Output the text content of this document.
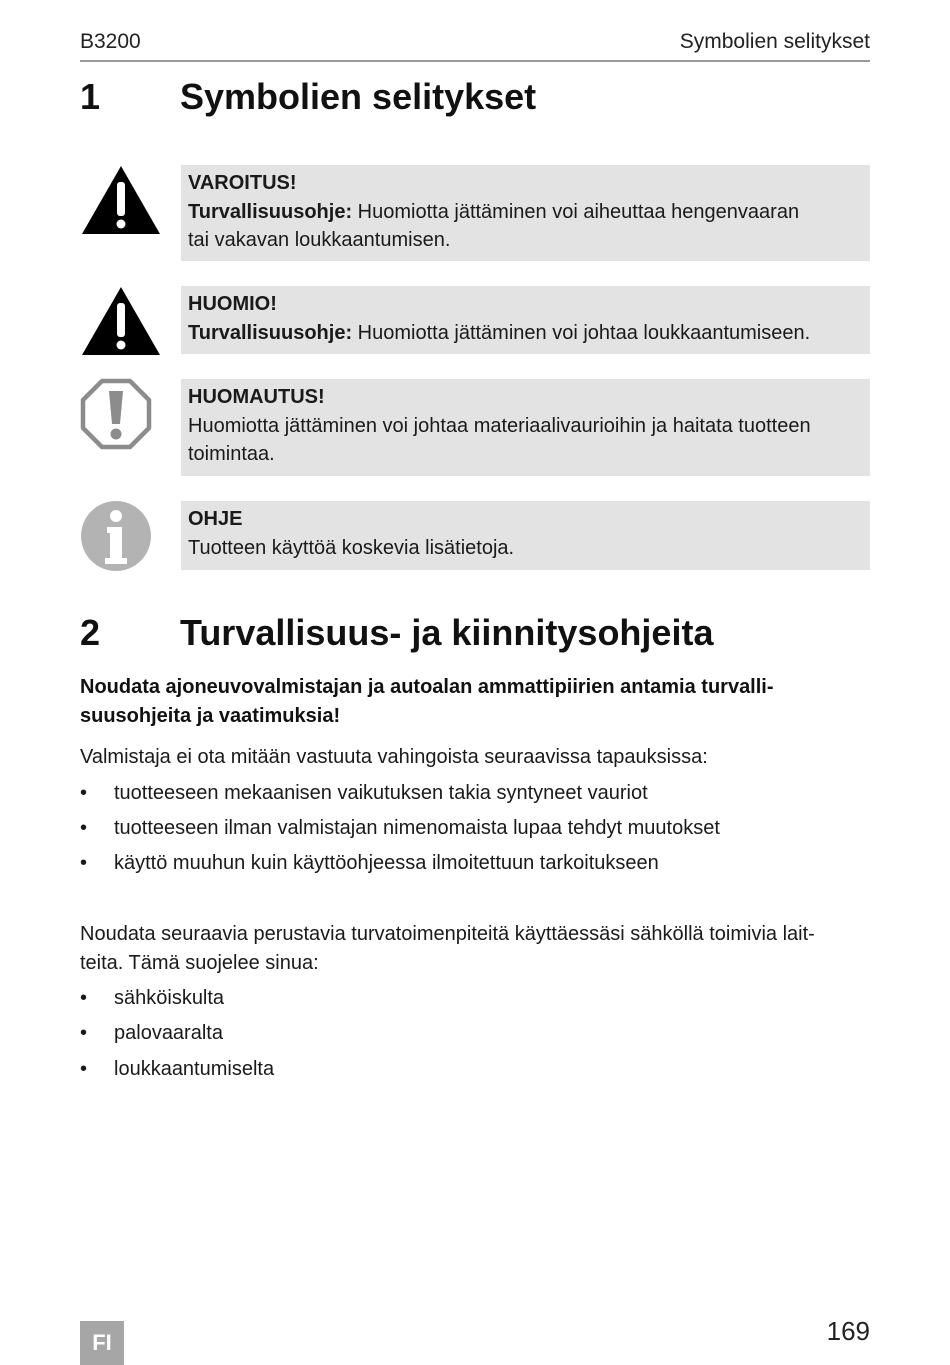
B3200	Symbolien selitykset
1 Symbolien selitykset
VAROITUS!
Turvallisuusohje: Huomiotta jättäminen voi aiheuttaa hengenvaaran
tai vakavan loukkaantumisen.
HUOMIO!
Turvallisuusohje: Huomiotta jättäminen voi johtaa loukkaantumiseen.
HUOMAUTUS!
Huomiotta jättäminen voi johtaa materiaalivaurioihin ja haitata tuotteen
toimintaa.
OHJE
Tuotteen käyttöä koskevia lisätietoja.
2 Turvallisuus- ja kiinnitysohjeita
Noudata ajoneuvovalmistajan ja autoalan ammattipiirien antamia turvalli-
suusohjeita ja vaatimuksia!
Valmistaja ei ota mitään vastuuta vahingoista seuraavissa tapauksissa:
• tuotteeseen mekaanisen vaikutuksen takia syntyneet vauriot
• tuotteeseen ilman valmistajan nimenomaista lupaa tehdyt muutokset
• käyttö muuhun kuin käyttöohjeessa ilmoitettuun tarkoitukseen
Noudata seuraavia perustavia turvatoimenpiteitä käyttäessäsi sähköllä toimivia lait-
teita. Tämä suojelee sinua:
• sähköiskulta
• palovaaralta
• loukkaantumiselta
FI	169
